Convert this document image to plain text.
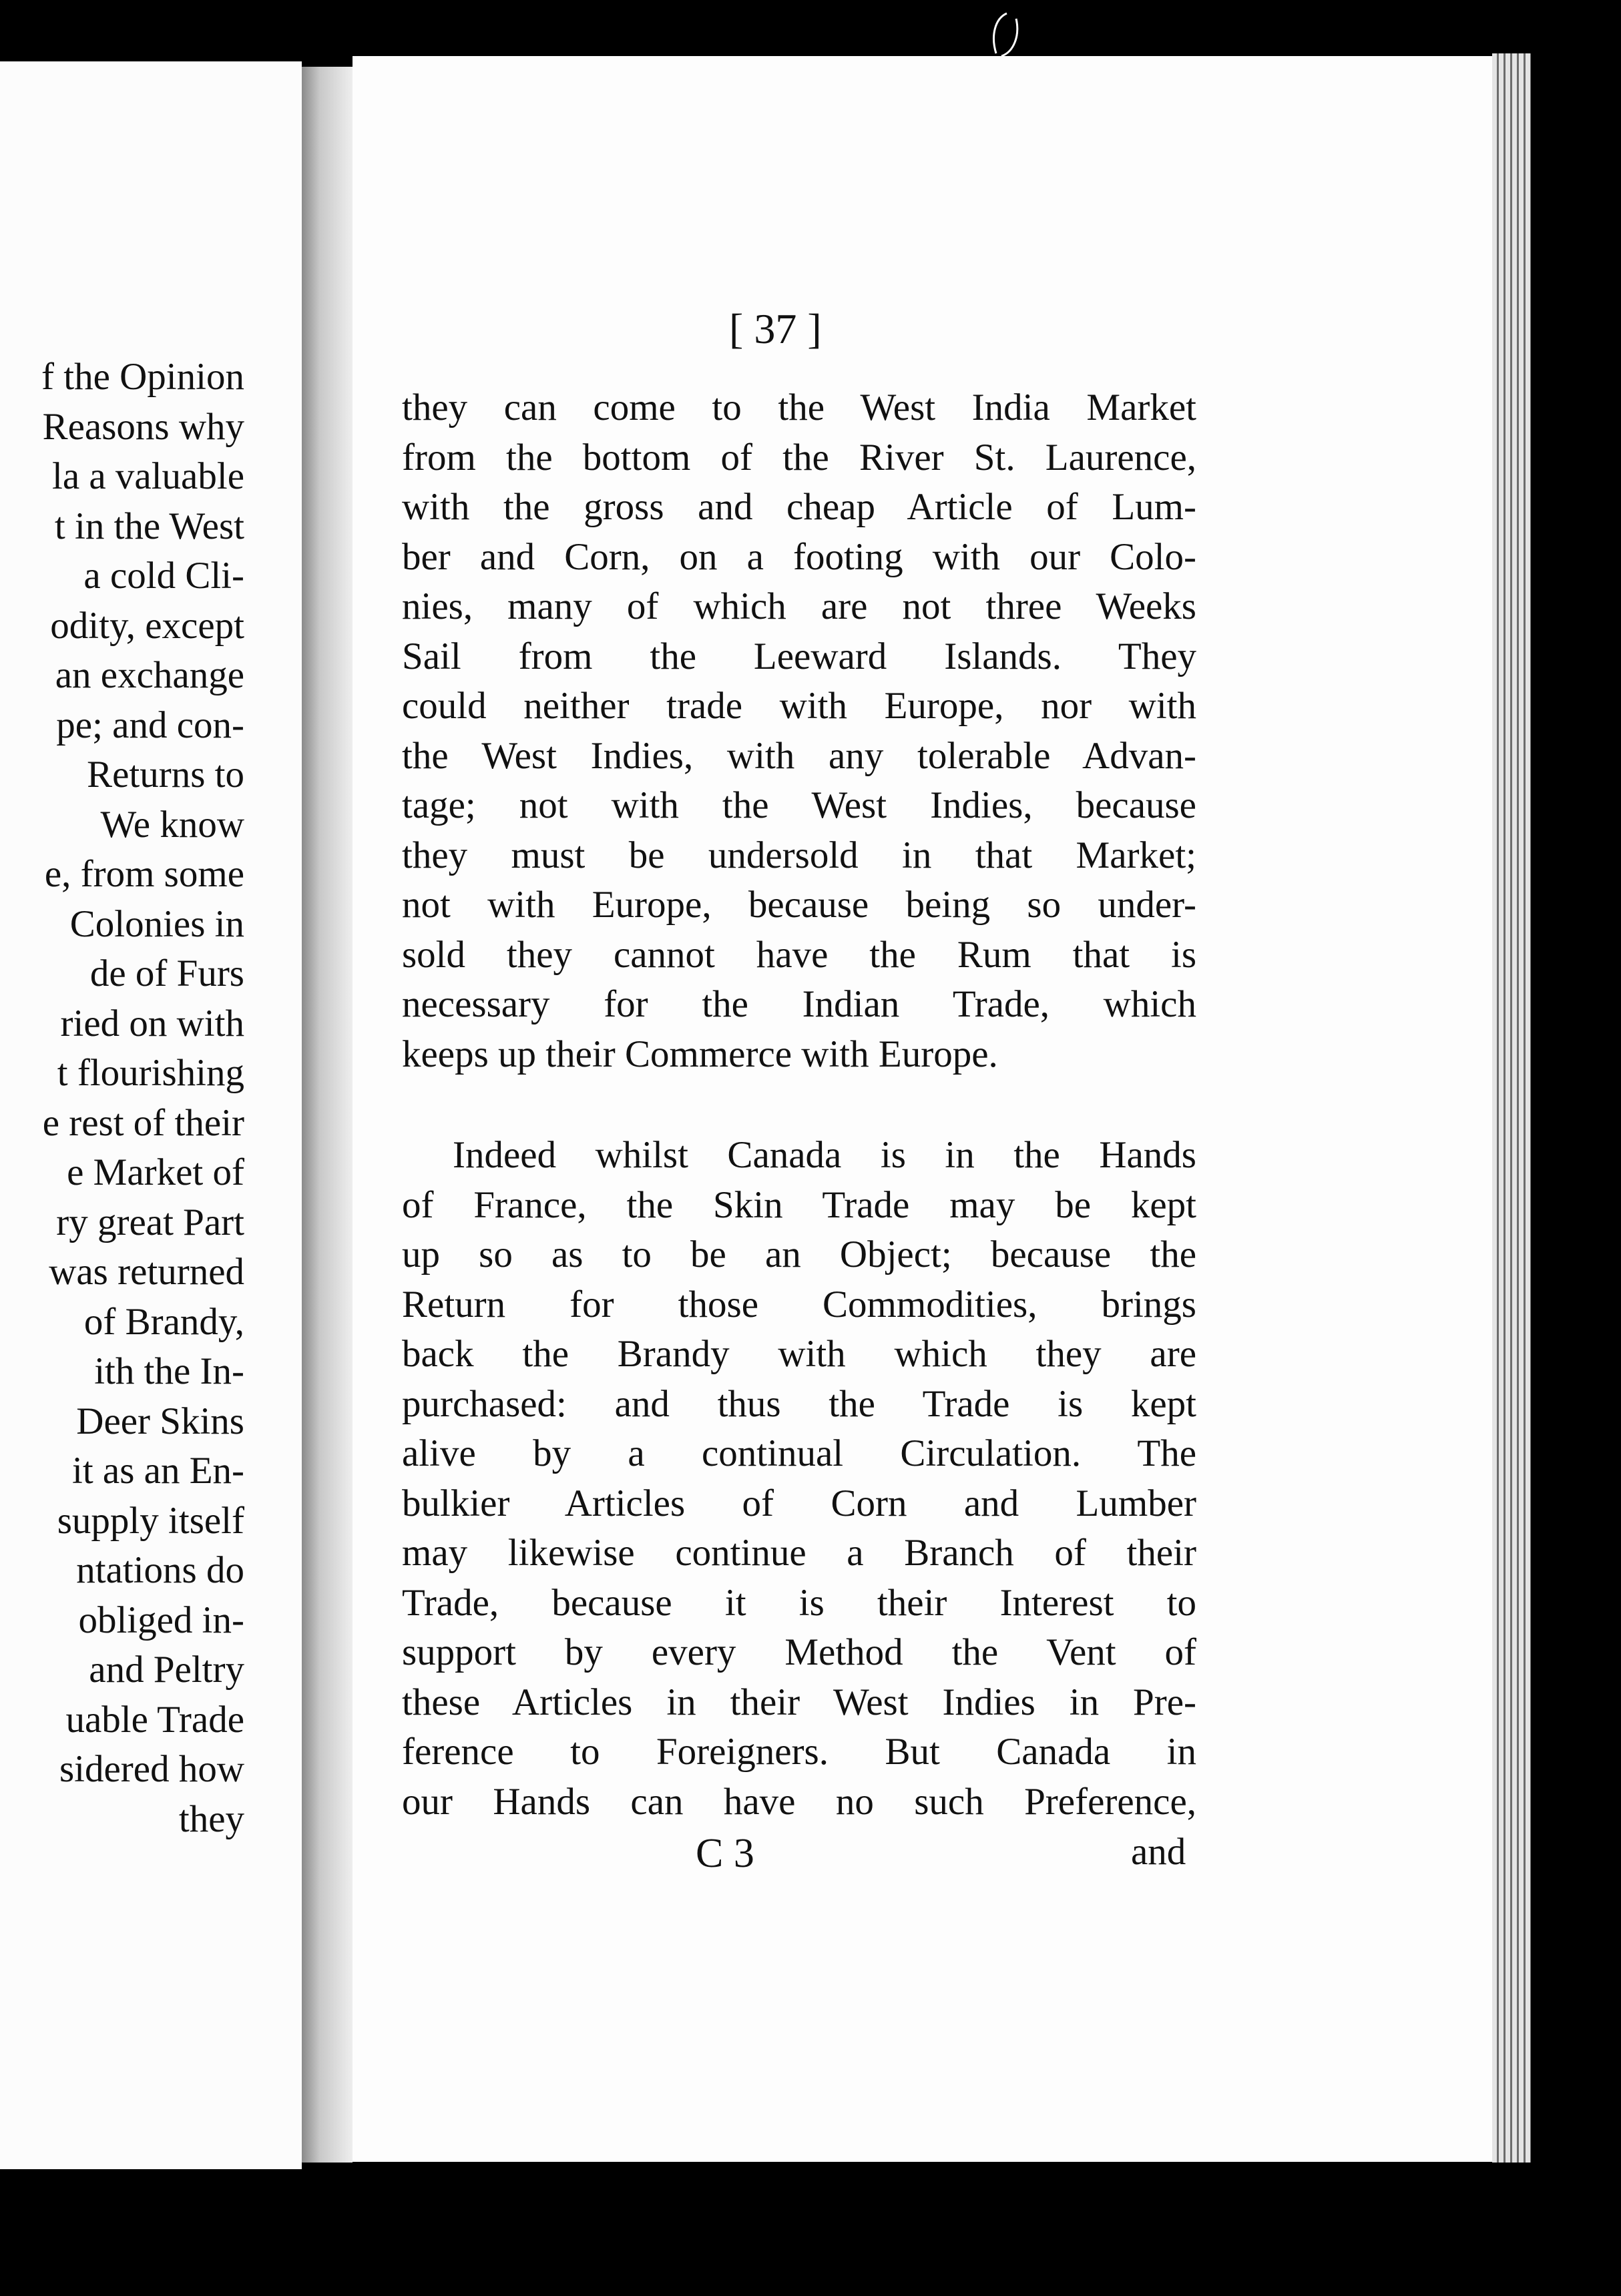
f the Opinion
Reasons why
la a valuable
t in the West
a cold Cli-
odity, except
an exchange
pe; and con-
Returns to
We know
e, from some
Colonies in
de of Furs
ried on with
t flourishing
e rest of their
e Market of
ry great Part
was returned
of Brandy,
ith the In-
Deer Skins
it as an En-
supply itself
ntations do
obliged in-
and Peltry
uable Trade
sidered how
they
[ 37 ]
they can come to the West India Market
from the bottom of the River St. Laurence,
with the gross and cheap Article of Lum-
ber and Corn, on a footing with our Colo-
nies, many of which are not three Weeks
Sail from the Leeward Islands. They
could neither trade with Europe, nor with
the West Indies, with any tolerable Advan-
tage; not with the West Indies, because
they must be undersold in that Market;
not with Europe, because being so under-
sold they cannot have the Rum that is
necessary for the Indian Trade, which
keeps up their Commerce with Europe.
Indeed whilst Canada is in the Hands
of France, the Skin Trade may be kept
up so as to be an Object; because the
Return for those Commodities, brings
back the Brandy with which they are
purchased: and thus the Trade is kept
alive by a continual Circulation. The
bulkier Articles of Corn and Lumber
may likewise continue a Branch of their
Trade, because it is their Interest to
support by every Method the Vent of
these Articles in their West Indies in Pre-
ference to Foreigners. But Canada in
our Hands can have no such Preference,
C 3	and
